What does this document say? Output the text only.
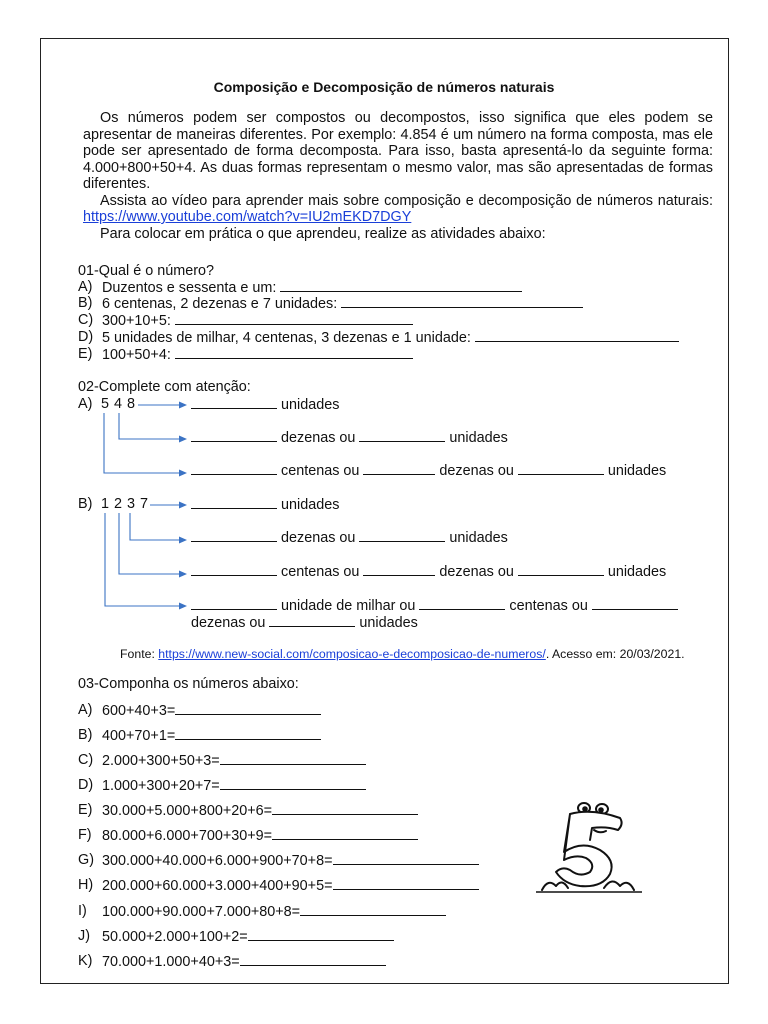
Composição e Decomposição de números naturais

Os números podem ser compostos ou decompostos, isso significa que eles podem se apresentar de maneiras diferentes. Por exemplo: 4.854 é um número na forma composta, mas ele pode ser apresentado de forma decomposta. Para isso, basta apresentá-lo da seguinte forma: 4.000+800+50+4. As duas formas representam o mesmo valor, mas são apresentadas de formas diferentes.

Assista ao vídeo para aprender mais sobre composição e decomposição de números naturais: https://www.youtube.com/watch?v=IU2mEKD7DGY

Para colocar em prática o que aprendeu, realize as atividades abaixo:

01-Qual é o número?
A) Duzentos e sessenta e um:
B) 6 centenas, 2 dezenas e 7 unidades:
C) 300+10+5:
D) 5 unidades de milhar, 4 centenas, 3 dezenas e 1 unidade:
E) 100+50+4:
02-Complete com atenção:
A) 5 4 8	unidades
dezenas ou	unidades
centenas ou	dezenas ou	unidades
B) 1 2 3 7	unidades
dezenas ou	unidades
centenas ou	dezenas ou	unidades
unidade de milhar ou	centenas ou
dezenas ou	unidades
Fonte: https://www.new-social.com/composicao-e-decomposicao-de-numeros/. Acesso em: 20/03/2021.
03-Componha os números abaixo:
A) 600+40+3=
B) 400+70+1=
C) 2.000+300+50+3=
D) 1.000+300+20+7=
E) 30.000+5.000+800+20+6=
F) 80.000+6.000+700+30+9=
G) 300.000+40.000+6.000+900+70+8=
H) 200.000+60.000+3.000+400+90+5=
I) 100.000+90.000+7.000+80+8=
J) 50.000+2.000+100+2=
K) 70.000+1.000+40+3=
